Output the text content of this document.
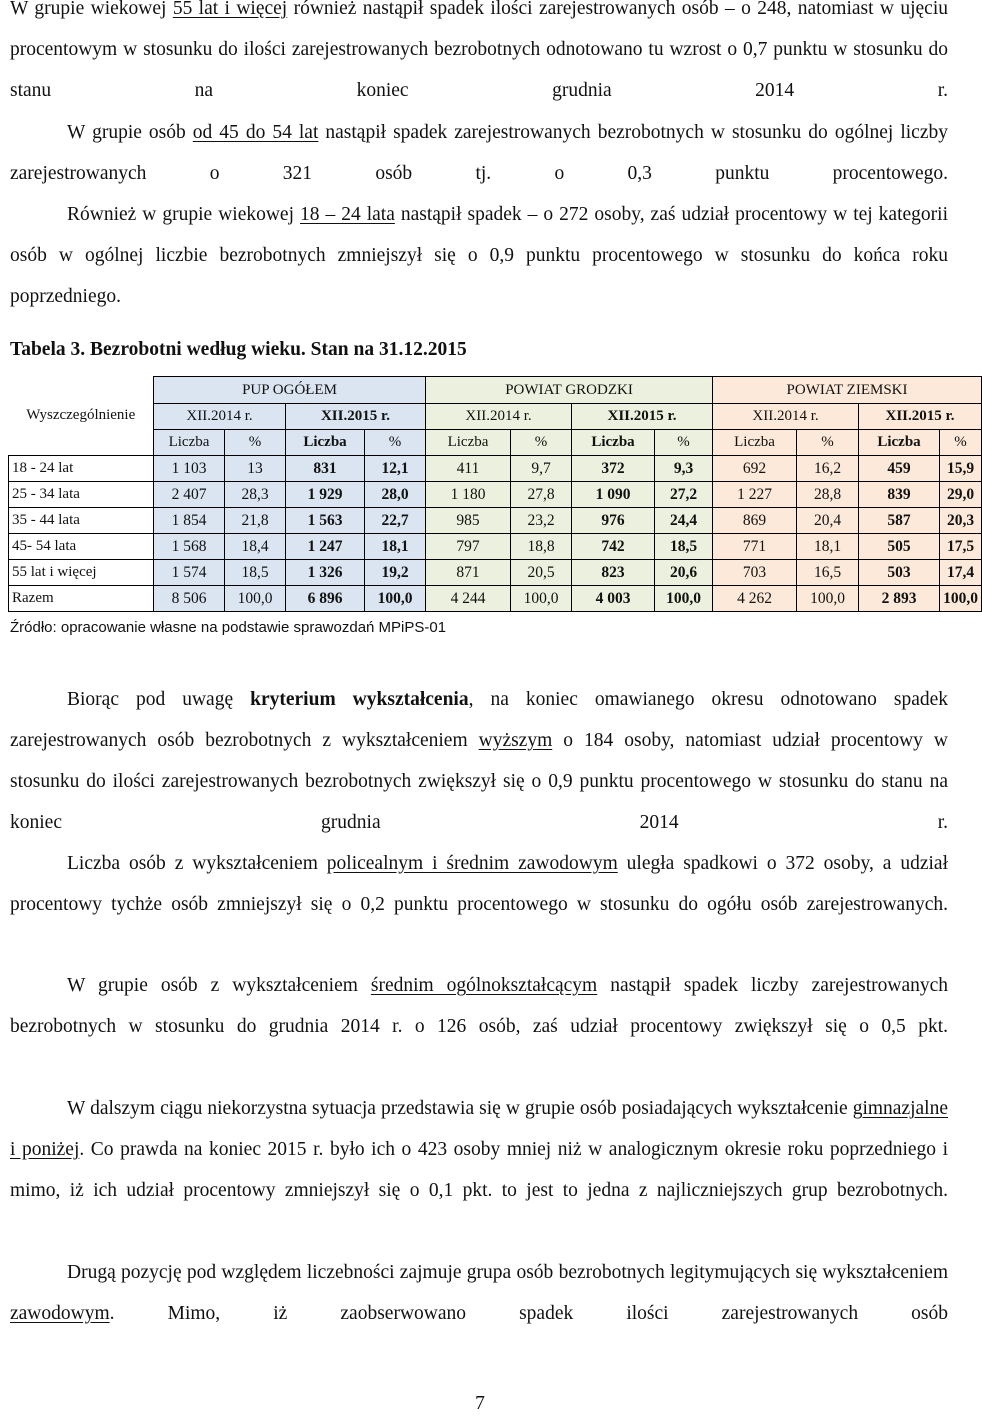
W grupie wiekowej 55 lat i więcej również nastąpił spadek ilości zarejestrowanych osób – o 248, natomiast w ujęciu procentowym w stosunku do ilości zarejestrowanych bezrobotnych odnotowano tu wzrost o 0,7 punktu w stosunku do stanu na koniec grudnia 2014 r.
W grupie osób od 45 do 54 lat nastąpił spadek zarejestrowanych bezrobotnych w stosunku do ogólnej liczby zarejestrowanych o 321 osób tj. o 0,3 punktu procentowego.
Również w grupie wiekowej 18 – 24 lata nastąpił spadek – o 272 osoby, zaś udział procentowy w tej kategorii osób w ogólnej liczbie bezrobotnych zmniejszył się o 0,9 punktu procentowego w stosunku do końca roku poprzedniego.
Tabela 3. Bezrobotni według wieku. Stan na 31.12.2015
Wyszczególnienie	PUP OGÓŁEM				POWIAT GRODZKI				POWIAT ZIEMSKI			
	XII.2014 r.		XII.2015 r.		XII.2014 r.		XII.2015 r.		XII.2014 r.		XII.2015 r.	
	Liczba	%	Liczba	%	Liczba	%	Liczba	%	Liczba	%	Liczba	%
18 - 24 lat	1 103	13	831	12,1	411	9,7	372	9,3	692	16,2	459	15,9
25 - 34 lata	2 407	28,3	1 929	28,0	1 180	27,8	1 090	27,2	1 227	28,8	839	29,0
35 - 44 lata	1 854	21,8	1 563	22,7	985	23,2	976	24,4	869	20,4	587	20,3
45- 54 lata	1 568	18,4	1 247	18,1	797	18,8	742	18,5	771	18,1	505	17,5
55 lat i więcej	1 574	18,5	1 326	19,2	871	20,5	823	20,6	703	16,5	503	17,4
Razem	8 506	100,0	6 896	100,0	4 244	100,0	4 003	100,0	4 262	100,0	2 893	100,0
Źródło: opracowanie własne na podstawie sprawozdań MPiPS-01
Biorąc pod uwagę kryterium wykształcenia, na koniec omawianego okresu odnotowano spadek zarejestrowanych osób bezrobotnych z wykształceniem wyższym o 184 osoby, natomiast udział procentowy w stosunku do ilości zarejestrowanych bezrobotnych zwiększył się o 0,9 punktu procentowego w stosunku do stanu na koniec grudnia 2014 r.
Liczba osób z wykształceniem policealnym i średnim zawodowym uległa spadkowi o 372 osoby, a udział procentowy tychże osób zmniejszył się o 0,2 punktu procentowego w stosunku do ogółu osób zarejestrowanych.
W grupie osób z wykształceniem średnim ogólnokształcącym nastąpił spadek liczby zarejestrowanych bezrobotnych w stosunku do grudnia 2014 r. o 126 osób, zaś udział procentowy zwiększył się o 0,5 pkt.
W dalszym ciągu niekorzystna sytuacja przedstawia się w grupie osób posiadających wykształcenie gimnazjalne i poniżej. Co prawda na koniec 2015 r. było ich o 423 osoby mniej niż w analogicznym okresie roku poprzedniego i mimo, iż ich udział procentowy zmniejszył się o 0,1 pkt. to jest to jedna z najliczniejszych grup bezrobotnych.
Drugą pozycję pod względem liczebności zajmuje grupa osób bezrobotnych legitymujących się wykształceniem zawodowym. Mimo, iż zaobserwowano spadek ilości zarejestrowanych osób
7
